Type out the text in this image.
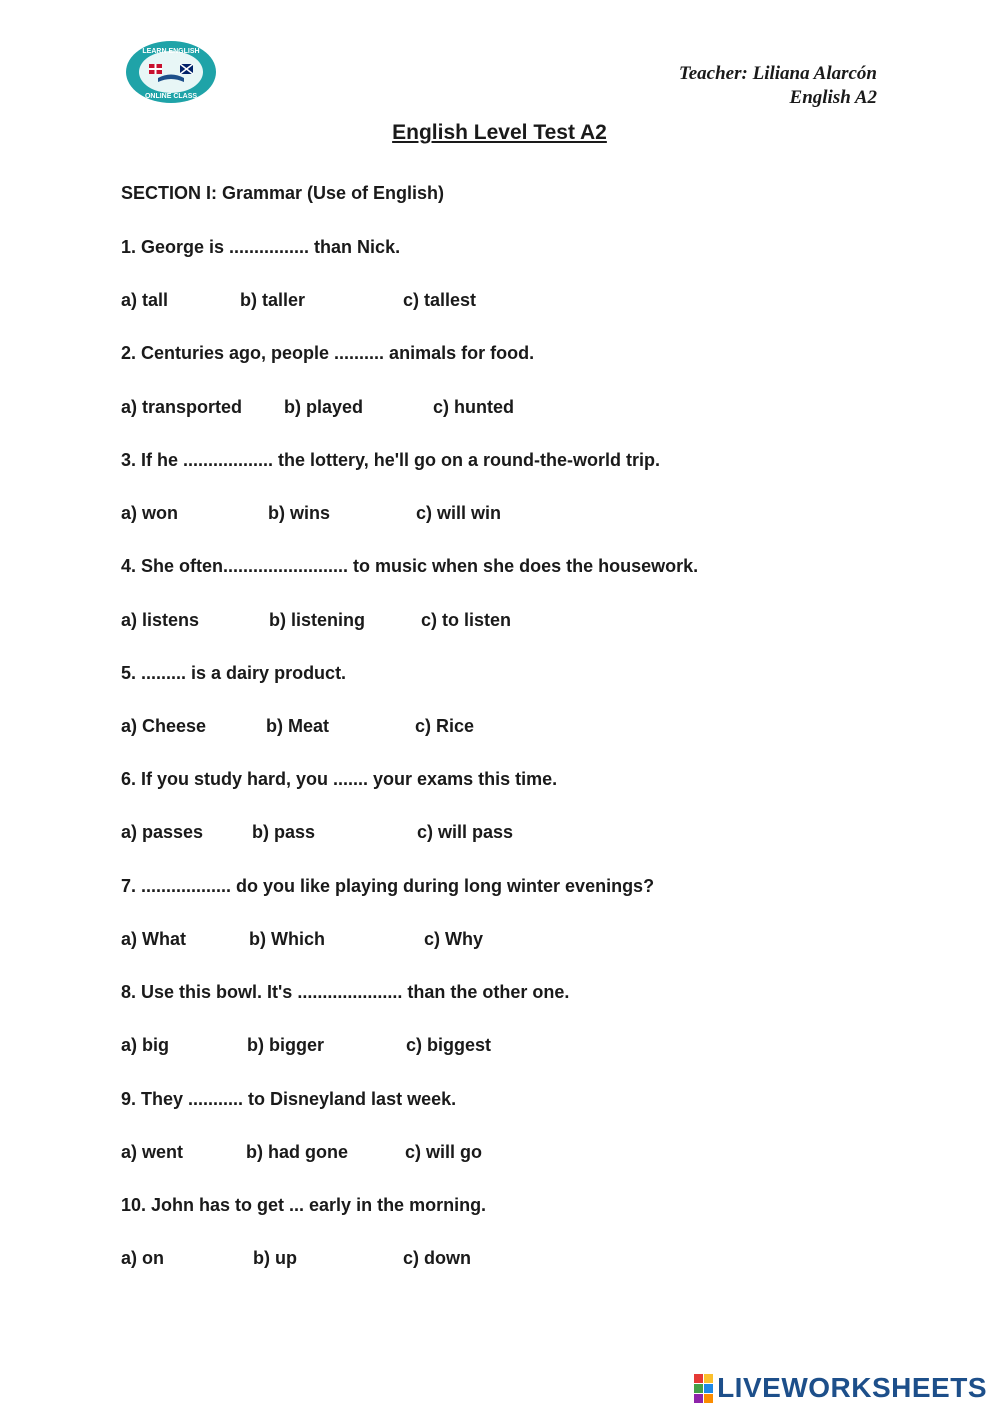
LEARN ENGLISH
ONLINE CLASS
Teacher: Liliana Alarcón
English A2
English Level Test A2
SECTION I: Grammar (Use of English)
1. George is ................ than Nick.
a) tall	b) taller	c) tallest
2. Centuries ago, people .......... animals for food.
a) transported b) played	c) hunted
3. If he .................. the lottery, he'll go on a round-the-world trip.
a) won	b) wins	c) will win
4. She often......................... to music when she does the housework.
a) listens	b) listening	c) to listen
5. ......... is a dairy product.
a) Cheese	b) Meat	c) Rice
6. If you study hard, you ....... your exams this time.
a) passes	b) pass	c) will pass
7. .................. do you like playing during long winter evenings?
a) What	b) Which	c) Why
8. Use this bowl. It's ..................... than the other one.
a) big	b) bigger	c) biggest
9. They ........... to Disneyland last week.
a) went	b) had gone	c) will go
10. John has to get ... early in the morning.
a) on	b) up	c) down
LIVEWORKSHEETS
